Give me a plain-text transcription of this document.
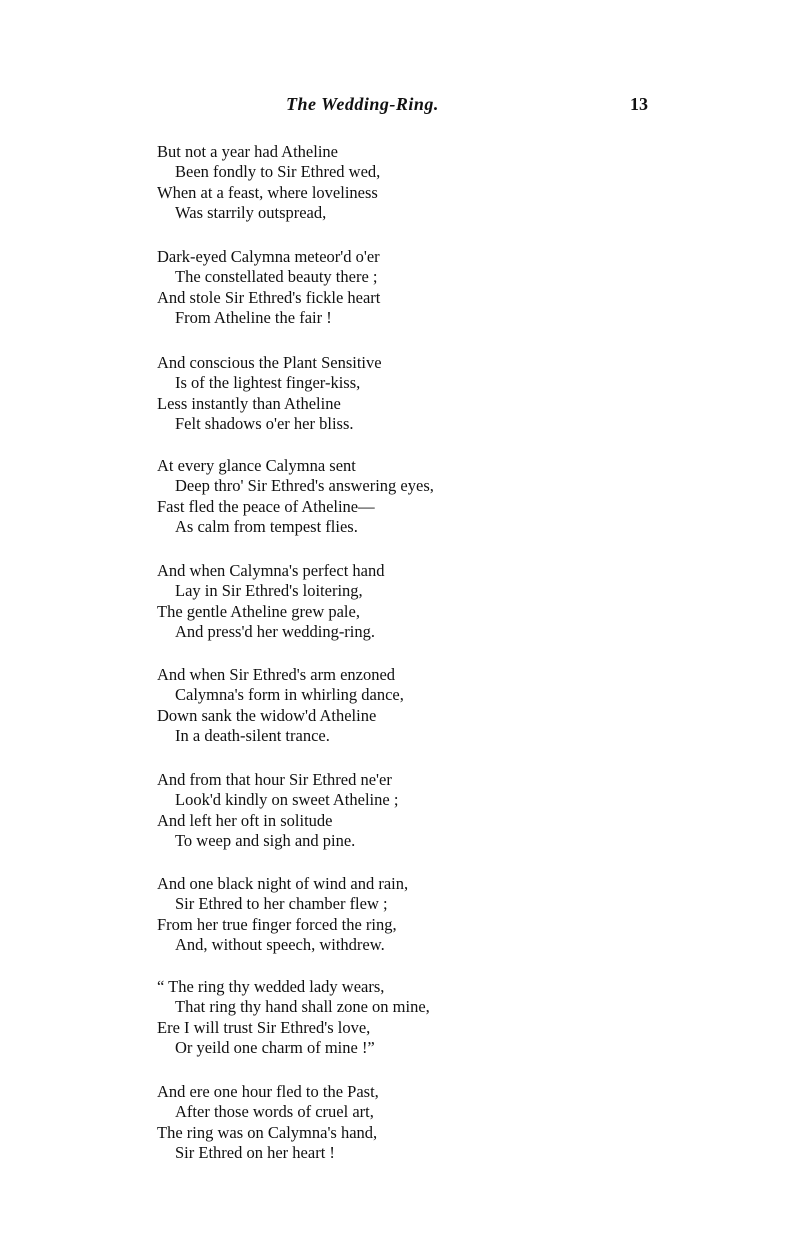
The Wedding-Ring.	13
But not a year had Atheline
Been fondly to Sir Ethred wed,
When at a feast, where loveliness
Was starrily outspread,
Dark-eyed Calymna meteor'd o'er
The constellated beauty there ;
And stole Sir Ethred's fickle heart
From Atheline the fair !
And conscious the Plant Sensitive
Is of the lightest finger-kiss,
Less instantly than Atheline
Felt shadows o'er her bliss.
At every glance Calymna sent
Deep thro' Sir Ethred's answering eyes,
Fast fled the peace of Atheline—
As calm from tempest flies.
And when Calymna's perfect hand
Lay in Sir Ethred's loitering,
The gentle Atheline grew pale,
And press'd her wedding-ring.
And when Sir Ethred's arm enzoned
Calymna's form in whirling dance,
Down sank the widow'd Atheline
In a death-silent trance.
And from that hour Sir Ethred ne'er
Look'd kindly on sweet Atheline ;
And left her oft in solitude
To weep and sigh and pine.
And one black night of wind and rain,
Sir Ethred to her chamber flew ;
From her true finger forced the ring,
And, without speech, withdrew.
“ The ring thy wedded lady wears,
That ring thy hand shall zone on mine,
Ere I will trust Sir Ethred's love,
Or yeild one charm of mine !”
And ere one hour fled to the Past,
After those words of cruel art,
The ring was on Calymna's hand,
Sir Ethred on her heart !
